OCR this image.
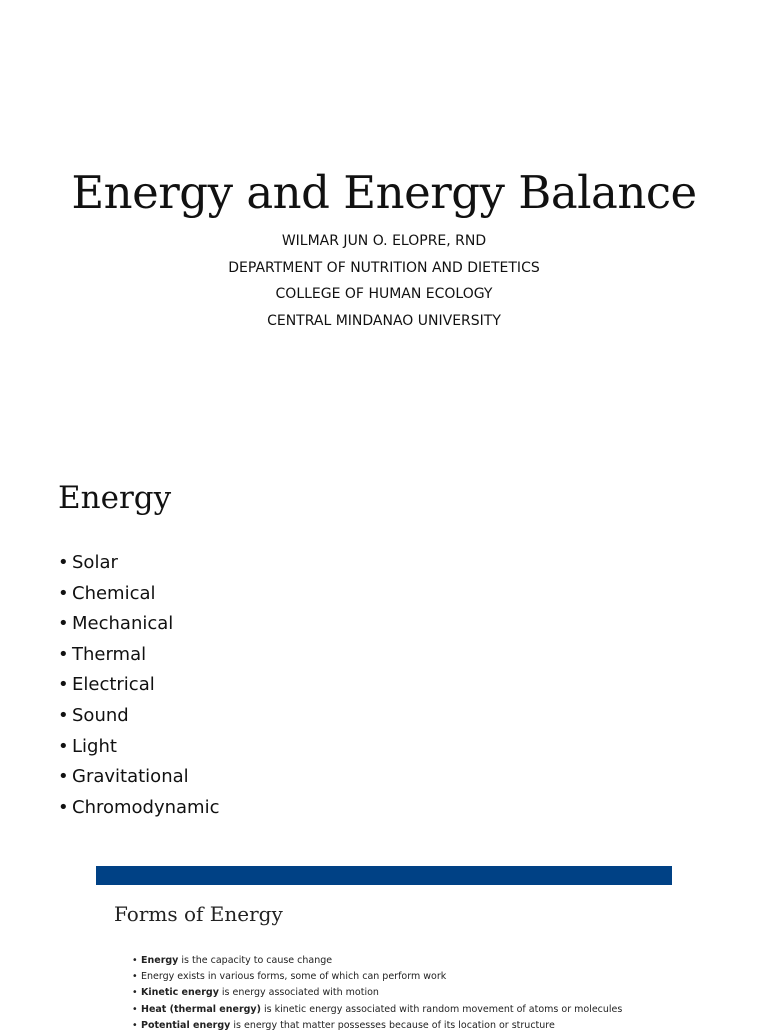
Energy and Energy Balance
WILMAR JUN O. ELOPRE, RND
DEPARTMENT OF NUTRITION AND DIETETICS
COLLEGE OF HUMAN ECOLOGY
CENTRAL MINDANAO UNIVERSITY
Energy
• Solar
• Chemical
• Mechanical
• Thermal
• Electrical
• Sound
• Light
• Gravitational
• Chromodynamic
Forms of Energy
• Energy is the capacity to cause change
• Energy exists in various forms, some of which can perform work
• Kinetic energy is energy associated with motion
• Heat (thermal energy) is kinetic energy associated with random movement of atoms or molecules
• Potential energy is energy that matter possesses because of its location or structure
